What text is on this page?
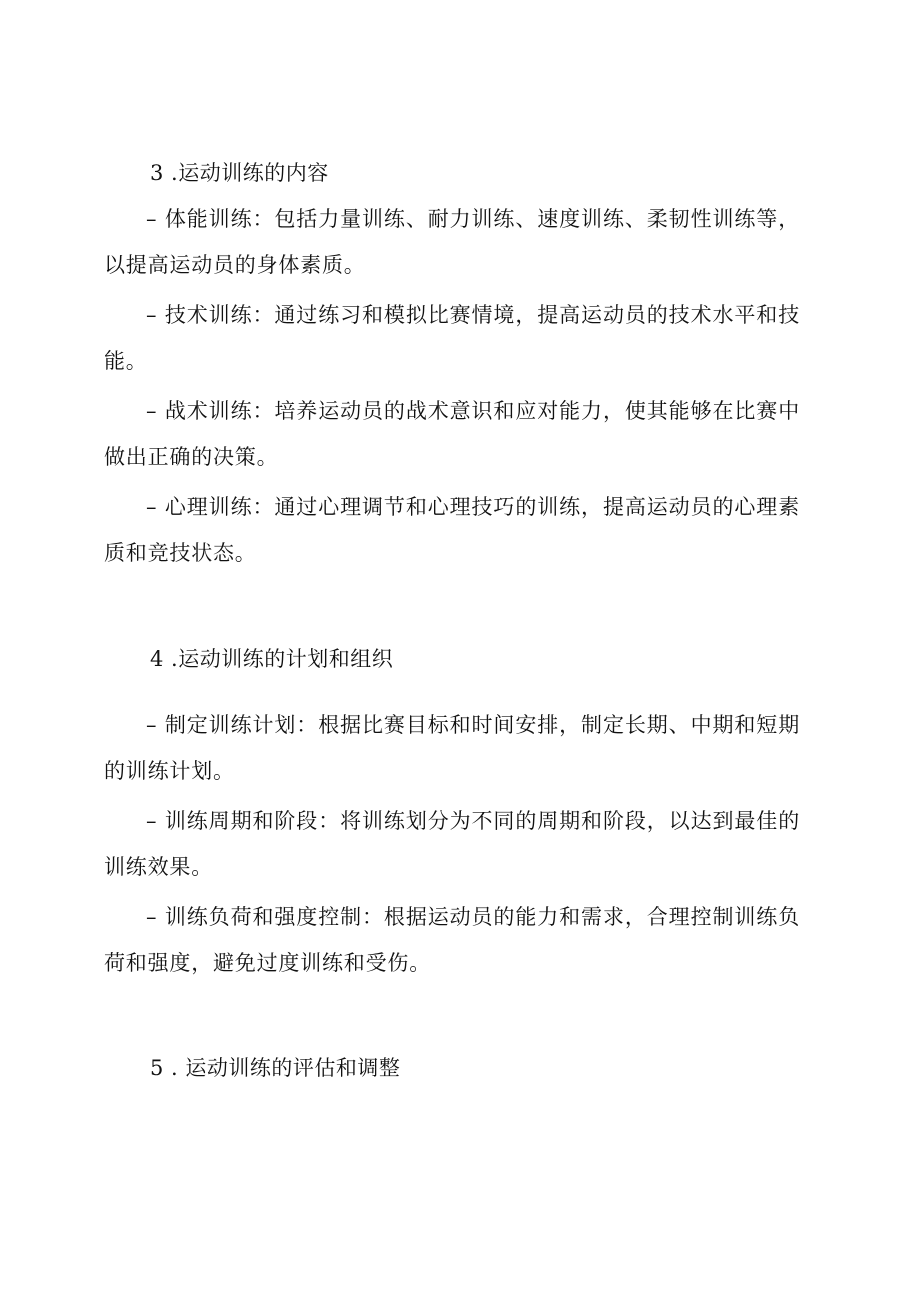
3 .运动训练的内容

– 体能训练：包括力量训练、耐力训练、速度训练、柔韧性训练等，以提高运动员的身体素质。

– 技术训练：通过练习和模拟比赛情境，提高运动员的技术水平和技能。

– 战术训练：培养运动员的战术意识和应对能力，使其能够在比赛中做出正确的决策。

– 心理训练：通过心理调节和心理技巧的训练，提高运动员的心理素质和竞技状态。

4 .运动训练的计划和组织

– 制定训练计划：根据比赛目标和时间安排，制定长期、中期和短期的训练计划。

– 训练周期和阶段：将训练划分为不同的周期和阶段，以达到最佳的训练效果。

– 训练负荷和强度控制：根据运动员的能力和需求，合理控制训练负荷和强度，避免过度训练和受伤。

5 . 运动训练的评估和调整
